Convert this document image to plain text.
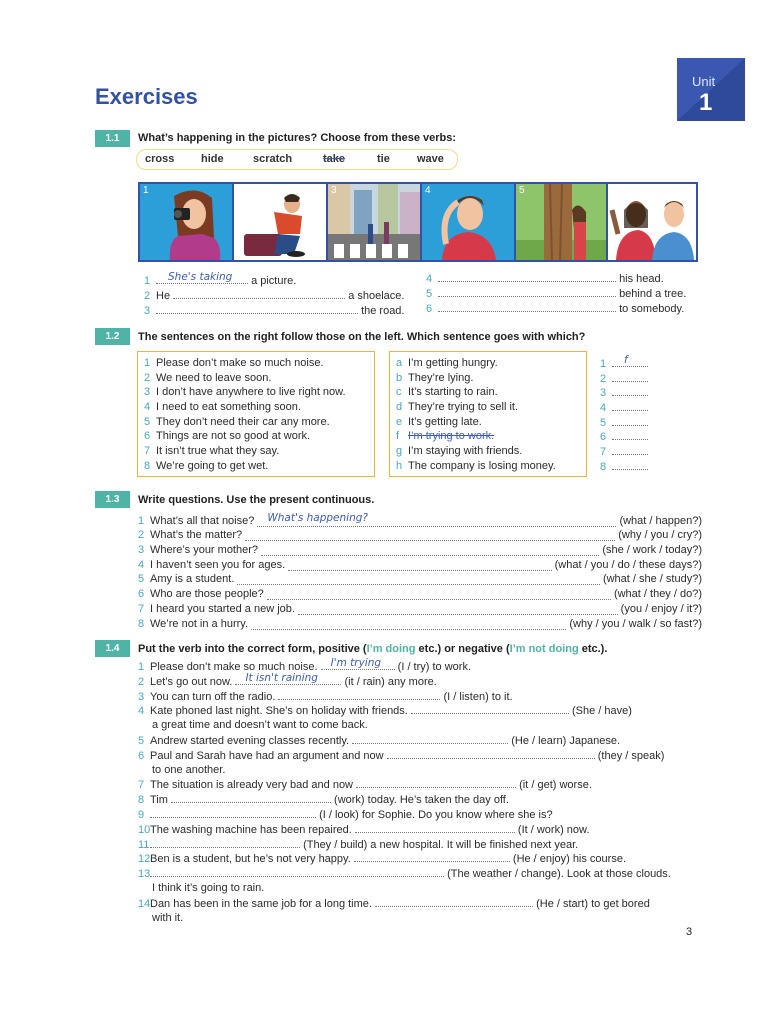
Exercises
Unit
1
1.1	What’s happening in the pictures? Choose from these verbs:
cross hide	scratch	take	tie wave
1	2	3	4	5	6
1 She's taking a picture.
2 He	a shoelace.
3	the road.
4	his head.
5	behind a tree.
6	to somebody.
1.2	The sentences on the right follow those on the left. Which sentence goes with which?
1 Please don’t make so much noise.
2 We need to leave soon.
3 I don’t have anywhere to live right now.
4 I need to eat something soon.
5 They don’t need their car any more.
6 Things are not so good at work.
7 It isn’t true what they say.
8 We’re going to get wet.
a I’m getting hungry.
b They’re lying.
c It’s starting to rain.
d They’re trying to sell it.
e It’s getting late.
f I’m trying to work.
g I’m staying with friends.
h The company is losing money.
1 f
2
3
4
5
6
7
8
1.3	Write questions. Use the present continuous.
1 What’s all that noise? What's happening?	(what / happen?)
2 What’s the matter?	(why / you / cry?)
3 Where’s your mother?	(she / work / today?)
4 I haven’t seen you for ages.	(what / you / do / these days?)
5 Amy is a student.	(what / she / study?)
6 Who are those people?	(what / they / do?)
7 I heard you started a new job.	(you / enjoy / it?)
8 We’re not in a hurry.	(why / you / walk / so fast?)
1.4	Put the verb into the correct form, positive (I’m doing etc.) or negative (I’m not doing etc.).
1 Please don’t make so much noise. I'm trying (I / try) to work.
2 Let’s go out now. It isn't raining (it / rain) any more.
3 You can turn off the radio.	(I / listen) to it.
4 Kate phoned last night. She’s on holiday with friends.	(She / have)
a great time and doesn’t want to come back.
5 Andrew started evening classes recently.	(He / learn) Japanese.
6 Paul and Sarah have had an argument and now	(they / speak)
to one another.
7 The situation is already very bad and now	(it / get) worse.
8 Tim	(work) today. He’s taken the day off.
9	(I / look) for Sophie. Do you know where she is?
10The washing machine has been repaired.	(It / work) now.
11	(They / build) a new hospital. It will be finished next year.
12Ben is a student, but he’s not very happy.	(He / enjoy) his course.
13	(The weather / change). Look at those clouds.
I think it’s going to rain.
14Dan has been in the same job for a long time.	(He / start) to get bored
with it.
3
